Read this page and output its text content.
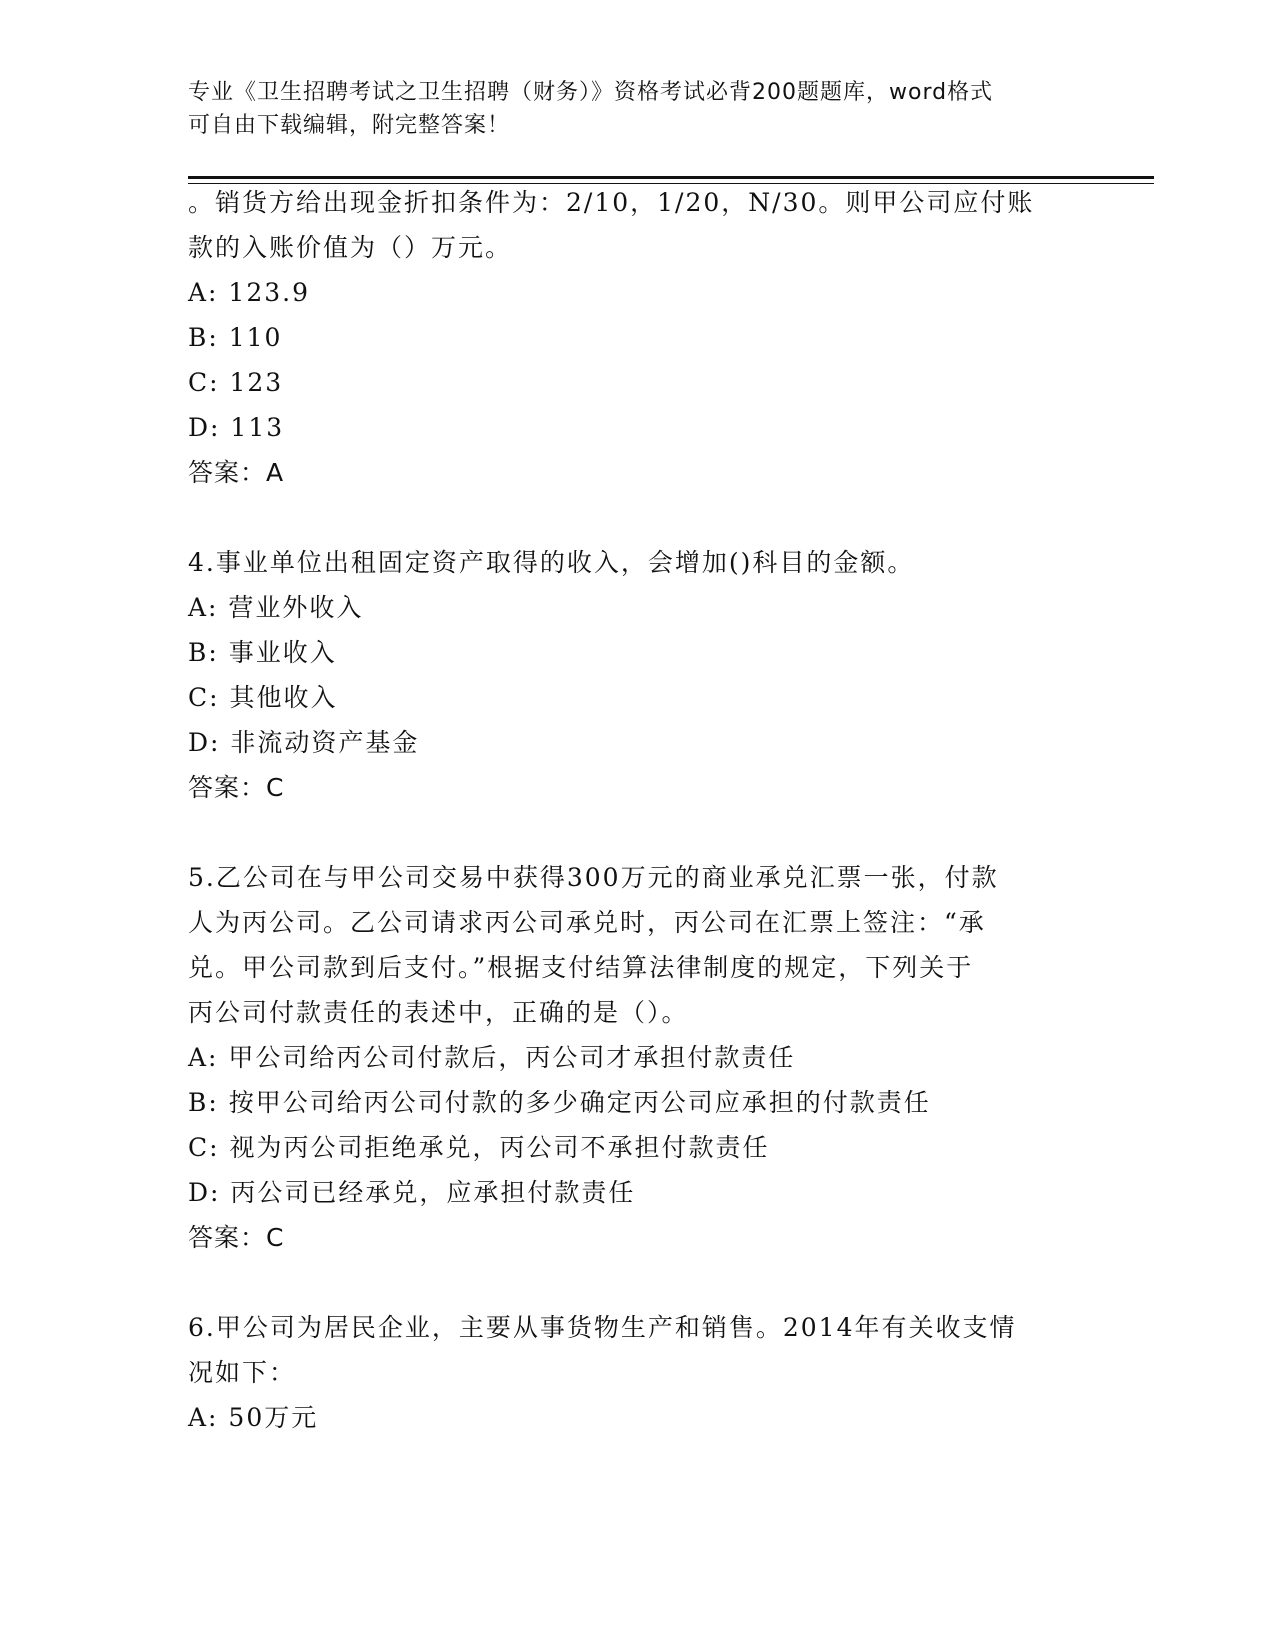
专业《卫生招聘考试之卫生招聘（财务）》资格考试必背200题题库，word格式
可自由下载编辑，附完整答案！
。销货方给出现金折扣条件为：2/10，1/20，N/30。则甲公司应付账
款的入账价值为（）万元。
A: 123.9
B: 110
C: 123
D: 113
答案：A
4.事业单位出租固定资产取得的收入，会增加()科目的金额。
A: 营业外收入
B: 事业收入
C: 其他收入
D: 非流动资产基金
答案：C
5.乙公司在与甲公司交易中获得300万元的商业承兑汇票一张，付款
人为丙公司。乙公司请求丙公司承兑时，丙公司在汇票上签注：“承
兑。甲公司款到后支付。”根据支付结算法律制度的规定，下列关于
丙公司付款责任的表述中，正确的是（）。
A: 甲公司给丙公司付款后，丙公司才承担付款责任
B: 按甲公司给丙公司付款的多少确定丙公司应承担的付款责任
C: 视为丙公司拒绝承兑，丙公司不承担付款责任
D: 丙公司已经承兑，应承担付款责任
答案：C
6.甲公司为居民企业，主要从事货物生产和销售。2014年有关收支情
况如下：
A: 50万元
